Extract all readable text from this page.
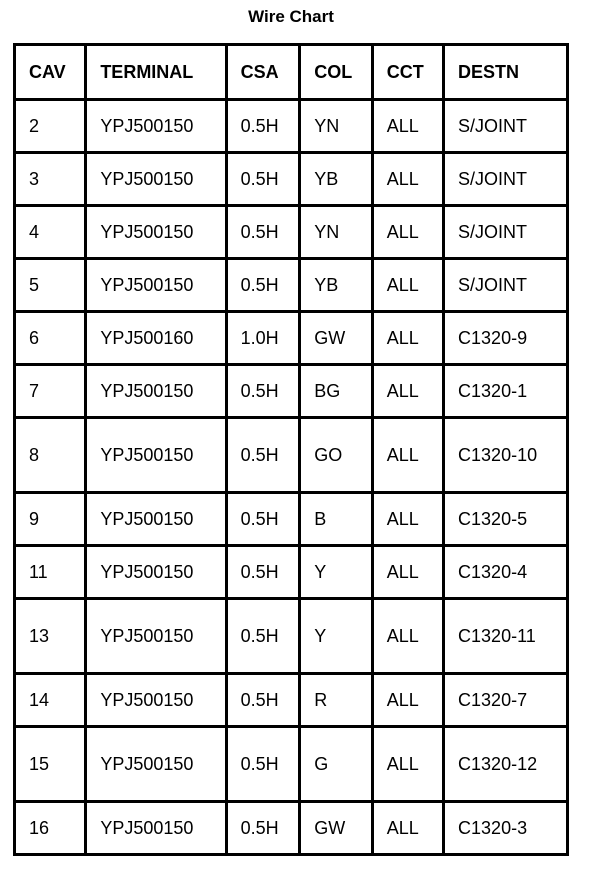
Wire Chart
CAV	TERMINAL	CSA	COL	CCT	DESTN
2	YPJ500150	0.5H	YN	ALL	S/JOINT

3	YPJ500150	0.5H	YB	ALL	S/JOINT

4	YPJ500150	0.5H	YN	ALL	S/JOINT

5	YPJ500150	0.5H	YB	ALL	S/JOINT

6	YPJ500160	1.0H	GW	ALL	C1320-9

7	YPJ500150	0.5H	BG	ALL	C1320-1

8	YPJ500150	0.5H	GO	ALL	C1320-10

9	YPJ500150	0.5H	B	ALL	C1320-5

11	YPJ500150	0.5H	Y	ALL	C1320-4

13	YPJ500150	0.5H	Y	ALL	C1320-11

14	YPJ500150	0.5H	R	ALL	C1320-7

15	YPJ500150	0.5H	G	ALL	C1320-12

16	YPJ500150	0.5H	GW	ALL	C1320-3
